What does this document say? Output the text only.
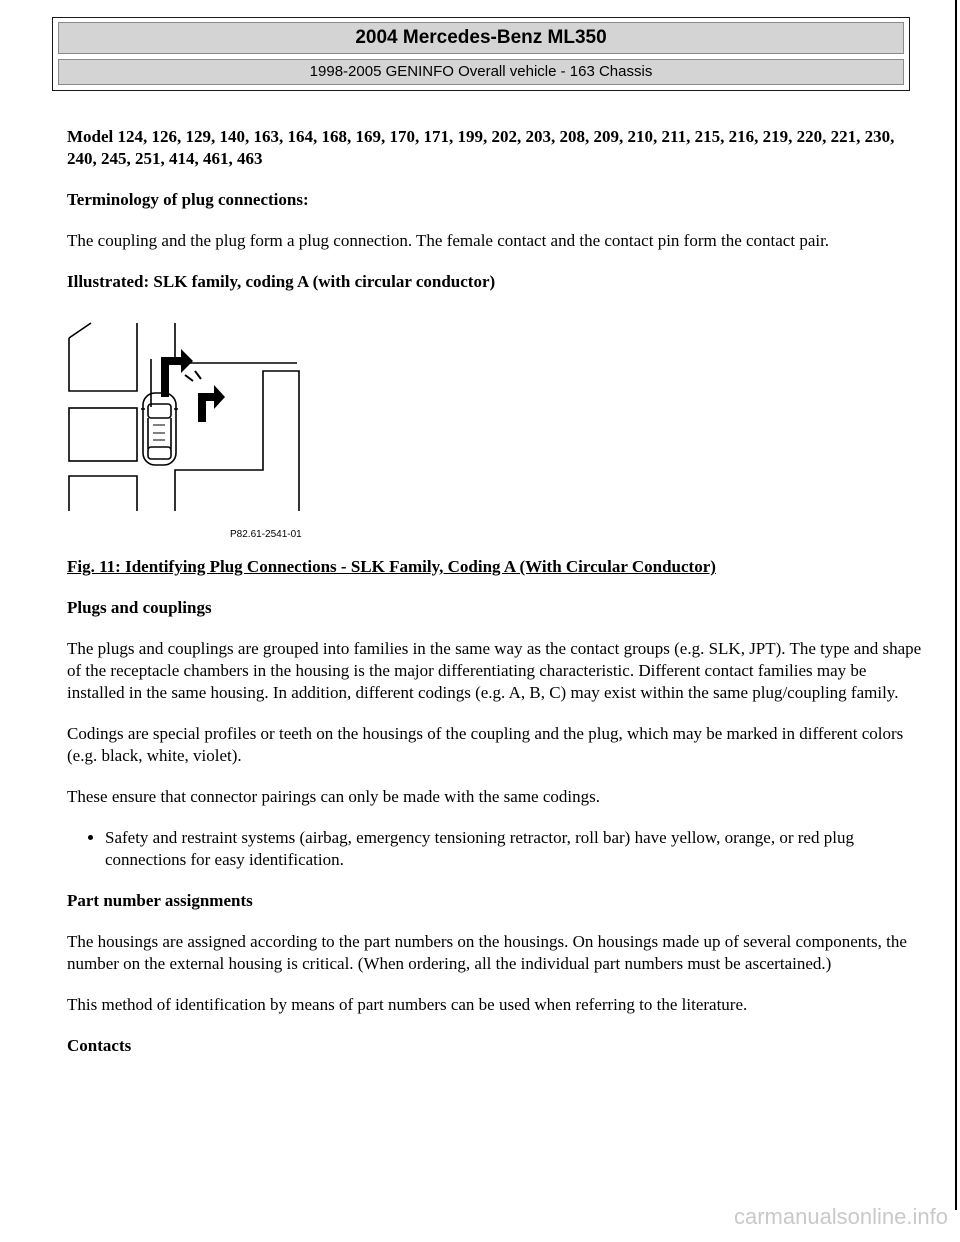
2004 Mercedes-Benz ML350
1998-2005 GENINFO Overall vehicle - 163 Chassis

Model 124, 126, 129, 140, 163, 164, 168, 169, 170, 171, 199, 202, 203, 208, 209, 210, 211, 215, 216, 219, 220, 221, 230, 240, 245, 251, 414, 461, 463

Terminology of plug connections:

The coupling and the plug form a plug connection. The female contact and the contact pin form the contact pair.

Illustrated: SLK family, coding A (with circular conductor)

P82.61-2541-01

Fig. 11: Identifying Plug Connections - SLK Family, Coding A (With Circular Conductor)

Plugs and couplings

The plugs and couplings are grouped into families in the same way as the contact groups (e.g. SLK, JPT). The type and shape of the receptacle chambers in the housing is the major differentiating characteristic. Different contact families may be installed in the same housing. In addition, different codings (e.g. A, B, C) may exist within the same plug/coupling family.

Codings are special profiles or teeth on the housings of the coupling and the plug, which may be marked in different colors (e.g. black, white, violet).

These ensure that connector pairings can only be made with the same codings.

• Safety and restraint systems (airbag, emergency tensioning retractor, roll bar) have yellow, orange, or red plug connections for easy identification.

Part number assignments

The housings are assigned according to the part numbers on the housings. On housings made up of several components, the number on the external housing is critical. (When ordering, all the individual part numbers must be ascertained.)

This method of identification by means of part numbers can be used when referring to the literature.

Contacts

carmanualsonline.info
